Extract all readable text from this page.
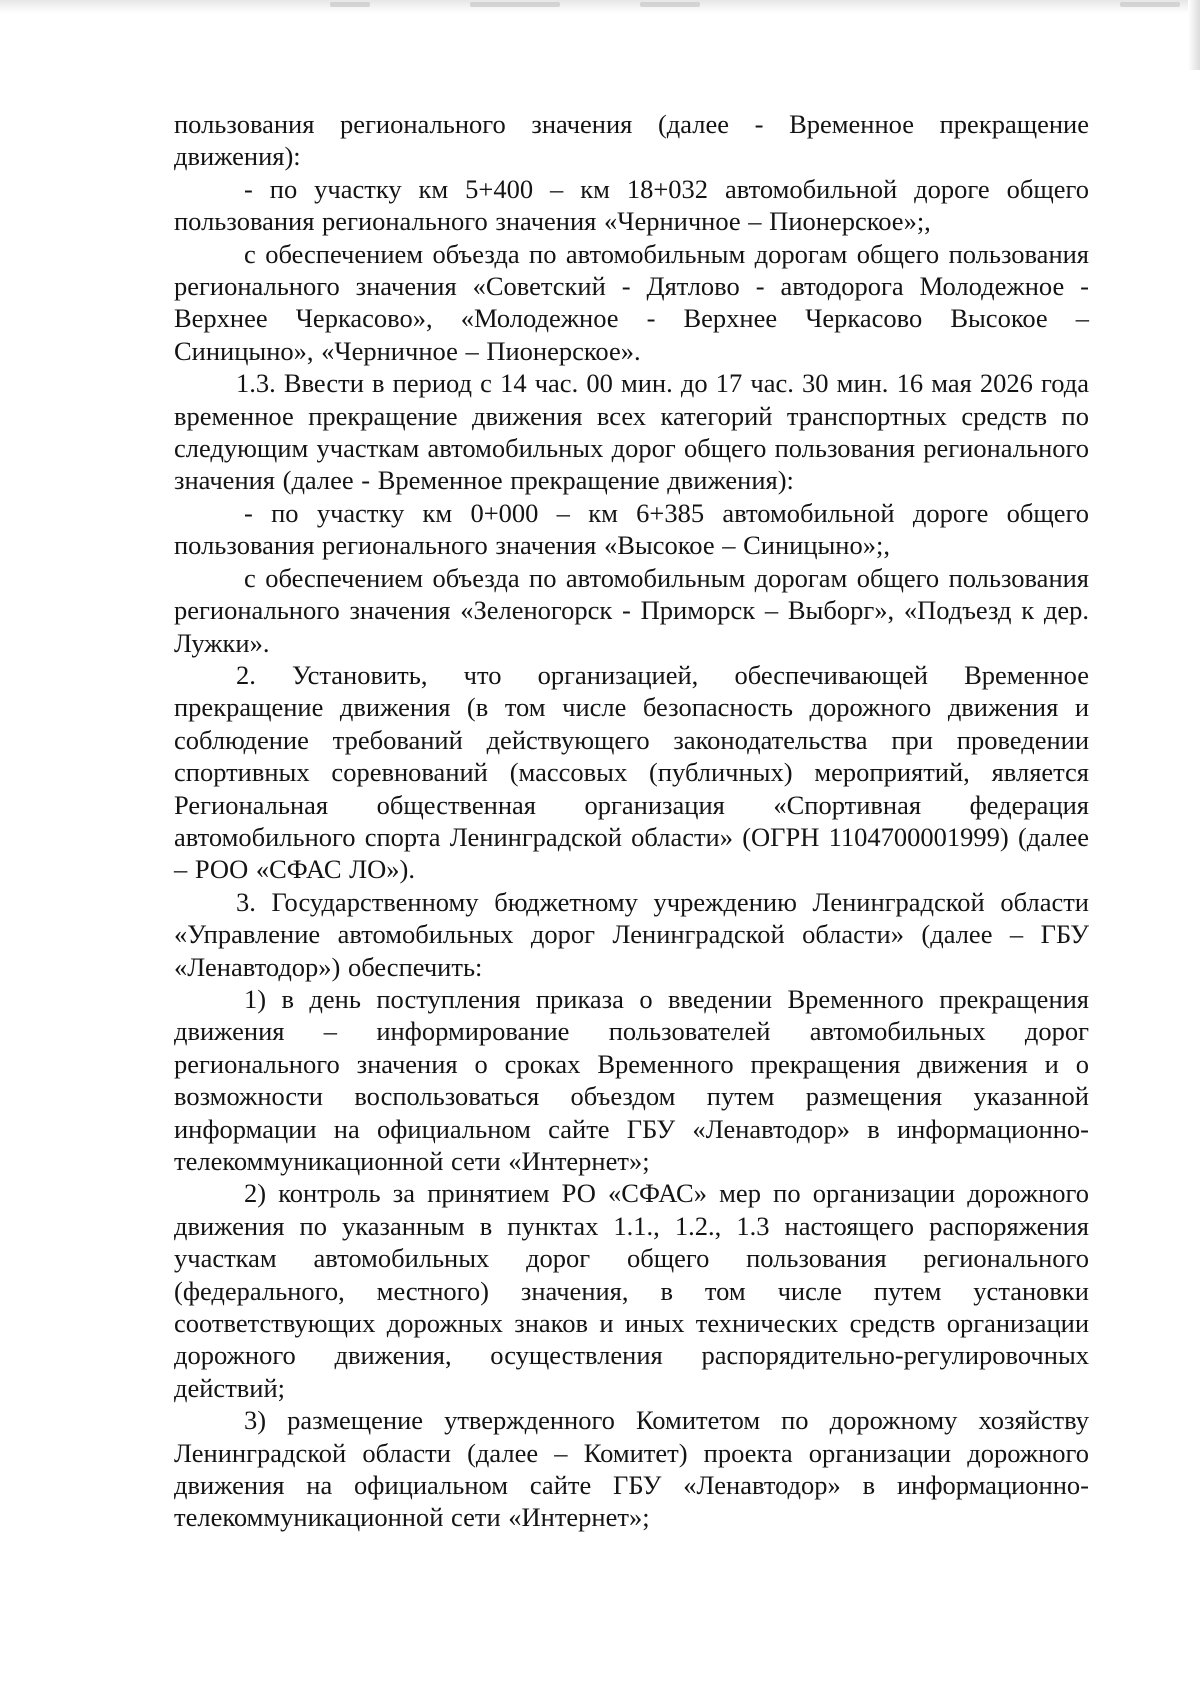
пользования регионального значения (далее - Временное прекращение движения):

- по участку км 5+400 – км 18+032 автомобильной дороге общего пользования регионального значения «Черничное – Пионерское»;,

с обеспечением объезда по автомобильным дорогам общего пользования регионального значения «Советский - Дятлово - автодорога Молодежное - Верхнее Черкасово», «Молодежное - Верхнее Черкасово Высокое – Синицыно», «Черничное – Пионерское».

1.3. Ввести в период с 14 час. 00 мин. до 17 час. 30 мин. 16 мая 2026 года временное прекращение движения всех категорий транспортных средств по следующим участкам автомобильных дорог общего пользования регионального значения (далее - Временное прекращение движения):

- по участку км 0+000 – км 6+385 автомобильной дороге общего пользования регионального значения «Высокое – Синицыно»;,

с обеспечением объезда по автомобильным дорогам общего пользования регионального значения «Зеленогорск - Приморск – Выборг», «Подъезд к дер. Лужки».

2. Установить, что организацией, обеспечивающей Временное прекращение движения (в том числе безопасность дорожного движения и соблюдение требований действующего законодательства при проведении спортивных соревнований (массовых (публичных) мероприятий, является Региональная общественная организация «Спортивная федерация автомобильного спорта Ленинградской области» (ОГРН 1104700001999) (далее – РОО «СФАС ЛО»).

3. Государственному бюджетному учреждению Ленинградской области «Управление автомобильных дорог Ленинградской области» (далее – ГБУ «Ленавтодор») обеспечить:

1) в день поступления приказа о введении Временного прекращения движения – информирование пользователей автомобильных дорог регионального значения о сроках Временного прекращения движения и о возможности воспользоваться объездом путем размещения указанной информации на официальном сайте ГБУ «Ленавтодор» в информационно-телекоммуникационной сети «Интернет»;

2) контроль за принятием РО «СФАС» мер по организации дорожного движения по указанным в пунктах 1.1., 1.2., 1.3 настоящего распоряжения участкам автомобильных дорог общего пользования регионального (федерального, местного) значения, в том числе путем установки соответствующих дорожных знаков и иных технических средств организации дорожного движения, осуществления распорядительно-регулировочных действий;

3) размещение утвержденного Комитетом по дорожному хозяйству Ленинградской области (далее – Комитет) проекта организации дорожного движения на официальном сайте ГБУ «Ленавтодор» в информационно-телекоммуникационной сети «Интернет»;
